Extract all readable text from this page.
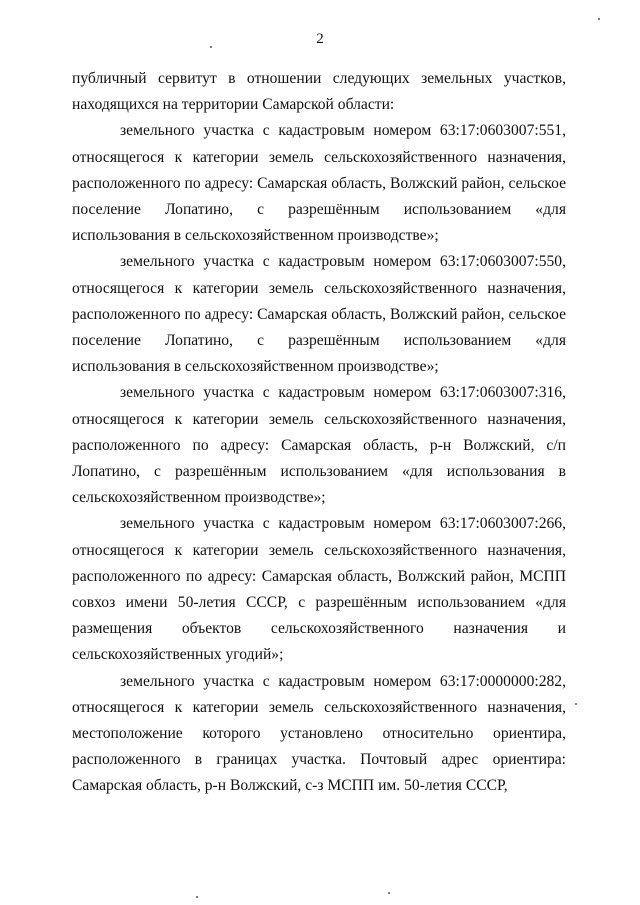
2

публичный сервитут в отношении следующих земельных участков, находящихся на территории Самарской области:

земельного участка с кадастровым номером 63:17:0603007:551, относящегося к категории земель сельскохозяйственного назначения, расположенного по адресу: Самарская область, Волжский район, сельское поселение Лопатино, с разрешённым использованием «для использования в сельскохозяйственном производстве»;

земельного участка с кадастровым номером 63:17:0603007:550, относящегося к категории земель сельскохозяйственного назначения, расположенного по адресу: Самарская область, Волжский район, сельское поселение Лопатино, с разрешённым использованием «для использования в сельскохозяйственном производстве»;

земельного участка с кадастровым номером 63:17:0603007:316, относящегося к категории земель сельскохозяйственного назначения, расположенного по адресу: Самарская область, р-н Волжский, с/п Лопатино, с разрешённым использованием «для использования в сельскохозяйственном производстве»;

земельного участка с кадастровым номером 63:17:0603007:266, относящегося к категории земель сельскохозяйственного назначения, расположенного по адресу: Самарская область, Волжский район, МСПП совхоз имени 50-летия СССР, с разрешённым использованием «для размещения объектов сельскохозяйственного назначения и сельскохозяйственных угодий»;

земельного участка с кадастровым номером 63:17:0000000:282, относящегося к категории земель сельскохозяйственного назначения, местоположение которого установлено относительно ориентира, расположенного в границах участка. Почтовый адрес ориентира: Самарская область, р-н Волжский, с-з МСПП им. 50-летия СССР,
